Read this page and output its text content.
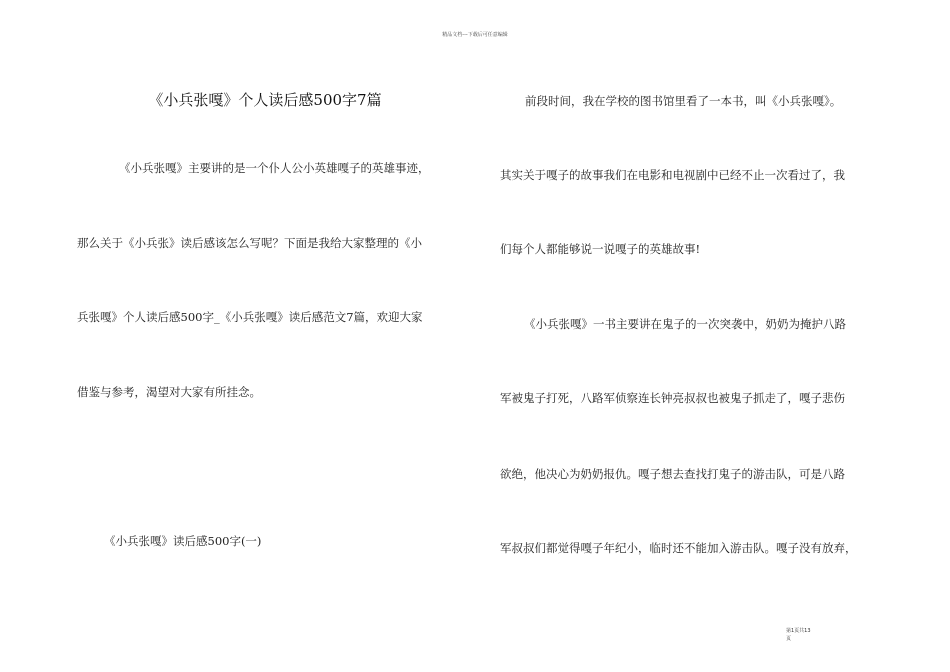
精品文档---下载后可任意编辑
《小兵张嘎》个人读后感500字7篇
《小兵张嘎》主要讲的是一个仆人公小英雄嘎子的英雄事迹，
那么关于《小兵张》读后感该怎么写呢？下面是我给大家整理的《小
兵张嘎》个人读后感500字_《小兵张嘎》读后感范文7篇，欢迎大家
借鉴与参考，渴望对大家有所挂念。
《小兵张嘎》读后感500字(一)
前段时间，我在学校的图书馆里看了一本书，叫《小兵张嘎》。
其实关于嘎子的故事我们在电影和电视剧中已经不止一次看过了，我
们每个人都能够说一说嘎子的英雄故事!
《小兵张嘎》一书主要讲在鬼子的一次突袭中，奶奶为掩护八路
军被鬼子打死，八路军侦察连长钟亮叔叔也被鬼子抓走了，嘎子悲伤
欲绝，他决心为奶奶报仇。嘎子想去查找打鬼子的游击队，可是八路
军叔叔们都觉得嘎子年纪小，临时还不能加入游击队。嘎子没有放弃，
第1页共13
页
